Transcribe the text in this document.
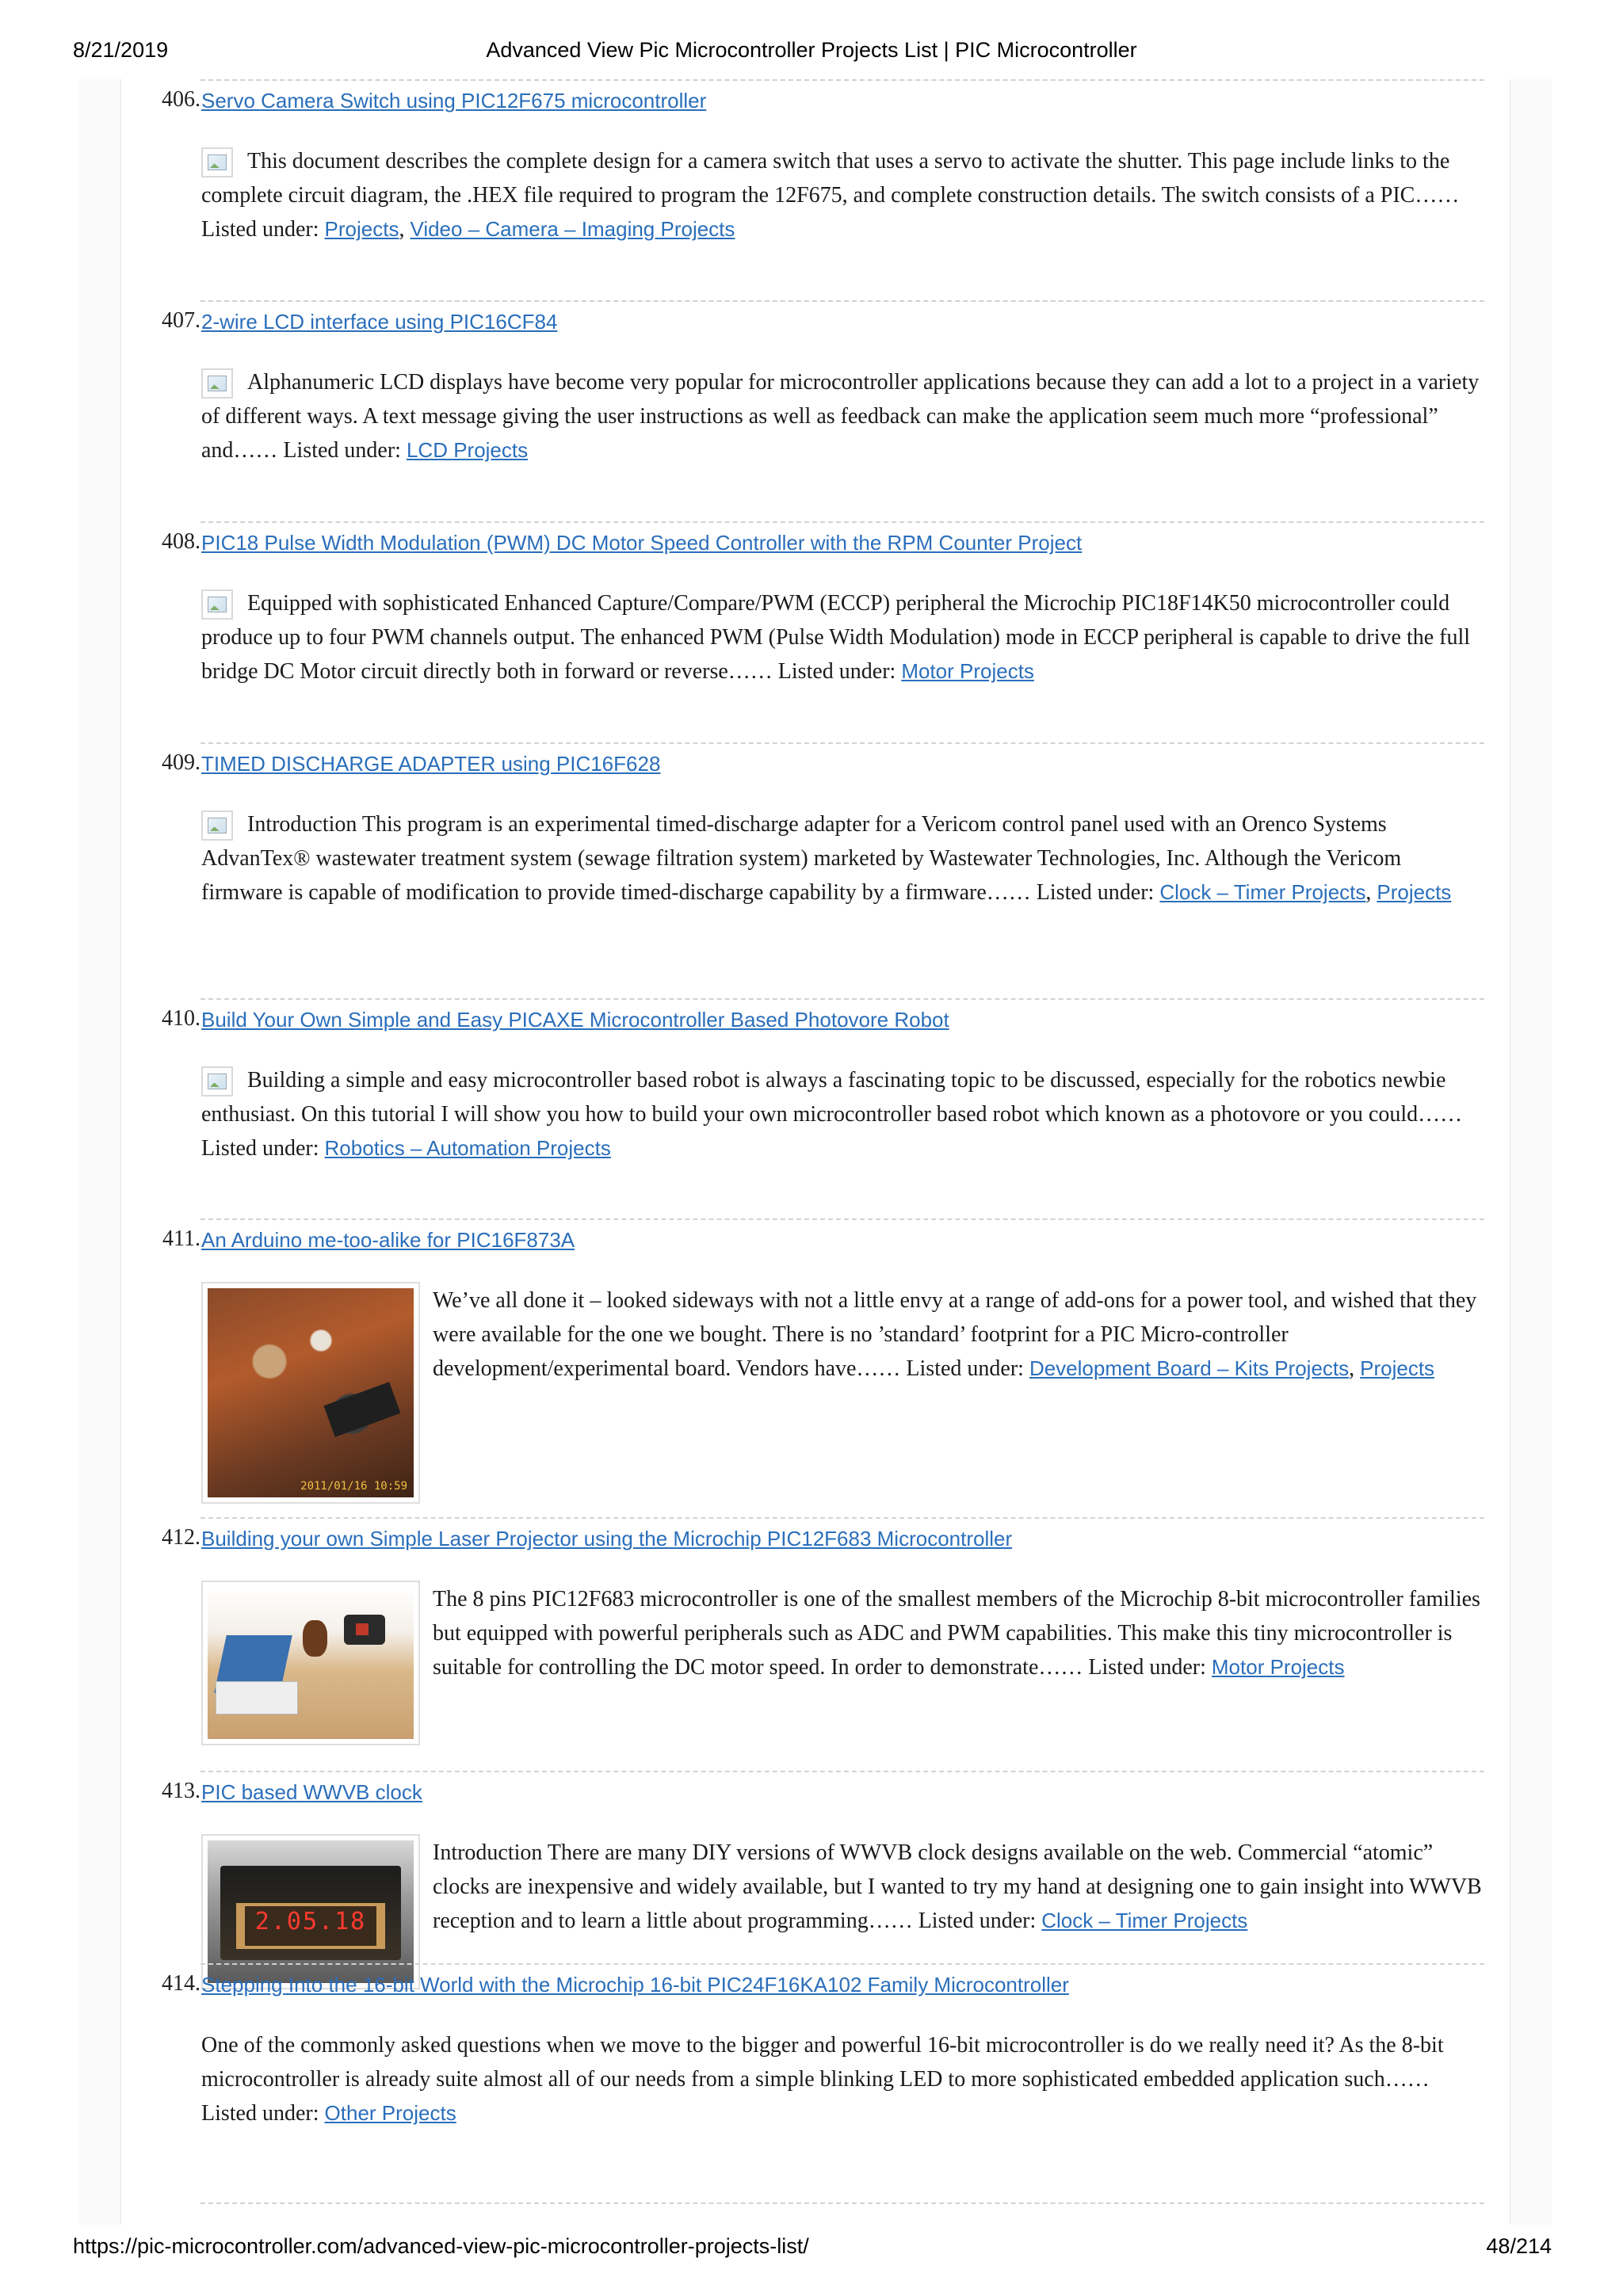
8/21/2019	Advanced View Pic Microcontroller Projects List | PIC Microcontroller
406. Servo Camera Switch using PIC12F675 microcontroller
This document describes the complete design for a camera switch that uses a servo to activate the shutter. This page include links to the complete circuit diagram, the .HEX file required to program the 12F675, and complete construction details. The switch consists of a PIC…… Listed under: Projects, Video – Camera – Imaging Projects
407. 2-wire LCD interface using PIC16CF84
Alphanumeric LCD displays have become very popular for microcontroller applications because they can add a lot to a project in a variety of different ways. A text message giving the user instructions as well as feedback can make the application seem much more “professional” and…… Listed under: LCD Projects
408. PIC18 Pulse Width Modulation (PWM) DC Motor Speed Controller with the RPM Counter Project
Equipped with sophisticated Enhanced Capture/Compare/PWM (ECCP) peripheral the Microchip PIC18F14K50 microcontroller could produce up to four PWM channels output. The enhanced PWM (Pulse Width Modulation) mode in ECCP peripheral is capable to drive the full bridge DC Motor circuit directly both in forward or reverse…… Listed under: Motor Projects
409. TIMED DISCHARGE ADAPTER using PIC16F628
Introduction This program is an experimental timed-discharge adapter for a Vericom control panel used with an Orenco Systems AdvanTex® wastewater treatment system (sewage filtration system) marketed by Wastewater Technologies, Inc. Although the Vericom firmware is capable of modification to provide timed-discharge capability by a firmware…… Listed under: Clock – Timer Projects, Projects
410. Build Your Own Simple and Easy PICAXE Microcontroller Based Photovore Robot
Building a simple and easy microcontroller based robot is always a fascinating topic to be discussed, especially for the robotics newbie enthusiast. On this tutorial I will show you how to build your own microcontroller based robot which known as a photovore or you could…… Listed under: Robotics – Automation Projects
411. An Arduino me-too-alike for PIC16F873A
2011/01/16 10:59
We’ve all done it – looked sideways with not a little envy at a range of add-ons for a power tool, and wished that they were available for the one we bought. There is no ’standard’ footprint for a PIC Micro-controller development/experimental board. Vendors have…… Listed under: Development Board – Kits Projects, Projects
412. Building your own Simple Laser Projector using the Microchip PIC12F683 Microcontroller
The 8 pins PIC12F683 microcontroller is one of the smallest members of the Microchip 8-bit microcontroller families but equipped with powerful peripherals such as ADC and PWM capabilities. This make this tiny microcontroller is suitable for controlling the DC motor speed. In order to demonstrate…… Listed under: Motor Projects
413. PIC based WWVB clock
2.05.18
Introduction There are many DIY versions of WWVB clock designs available on the web. Commercial “atomic” clocks are inexpensive and widely available, but I wanted to try my hand at designing one to gain insight into WWVB reception and to learn a little about programming…… Listed under: Clock – Timer Projects
414. Stepping Into the 16-bit World with the Microchip 16-bit PIC24F16KA102 Family Microcontroller
One of the commonly asked questions when we move to the bigger and powerful 16-bit microcontroller is do we really need it? As the 8-bit microcontroller is already suite almost all of our needs from a simple blinking LED to more sophisticated embedded application such…… Listed under: Other Projects
https://pic-microcontroller.com/advanced-view-pic-microcontroller-projects-list/	48/214
